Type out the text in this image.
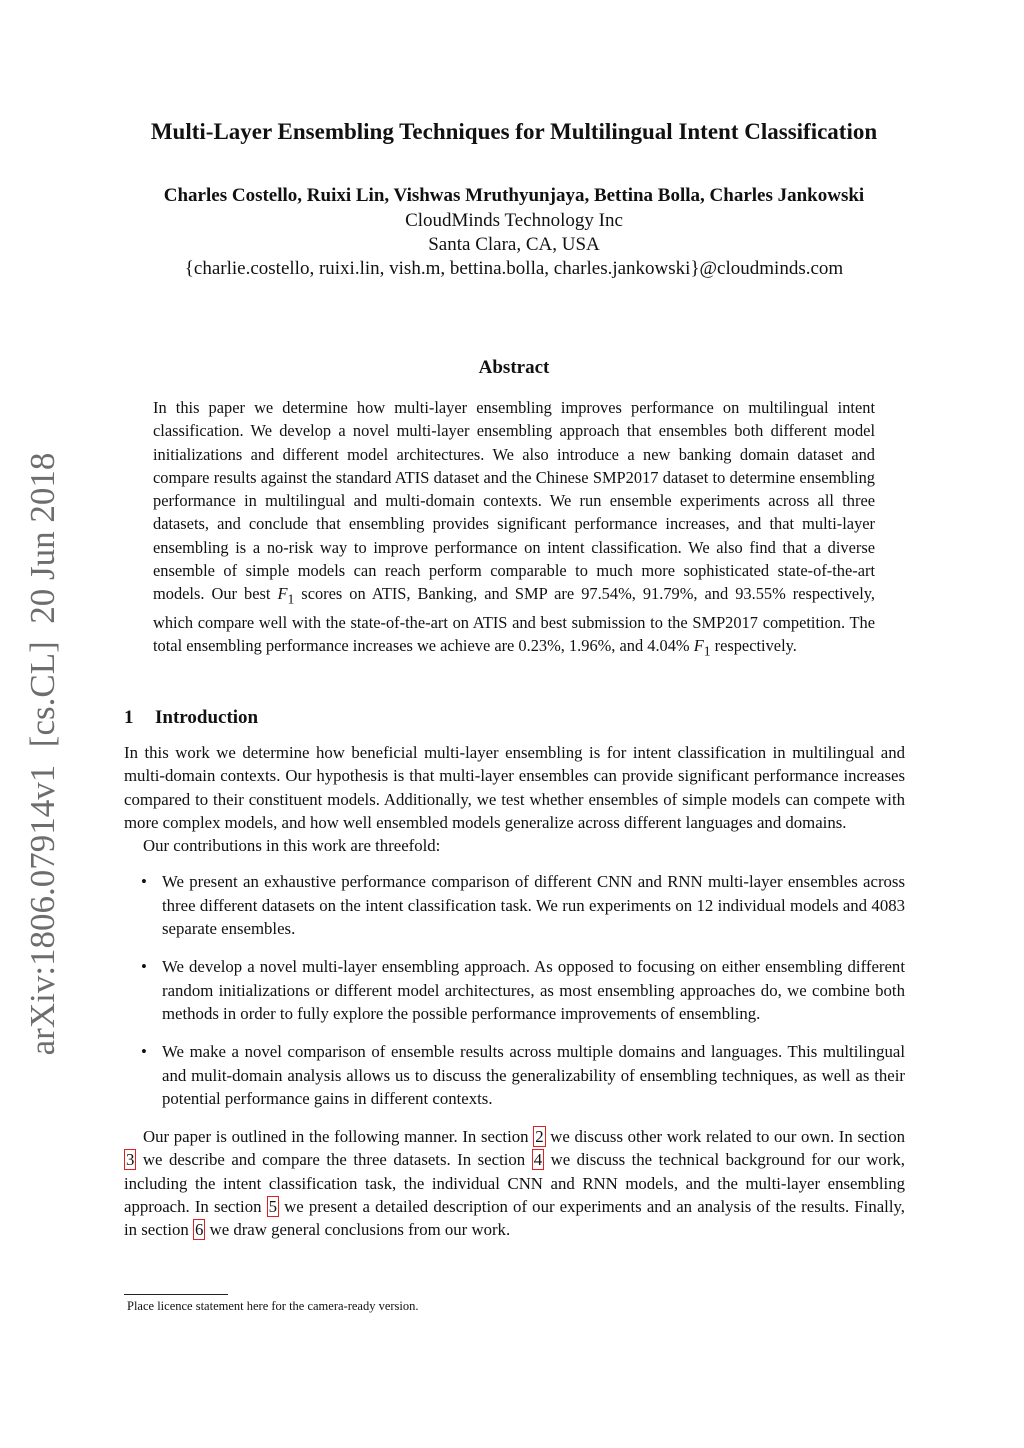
arXiv:1806.07914v1  [cs.CL]  20 Jun 2018
Multi-Layer Ensembling Techniques for Multilingual Intent Classification
Charles Costello, Ruixi Lin, Vishwas Mruthyunjaya, Bettina Bolla, Charles Jankowski
CloudMinds Technology Inc
Santa Clara, CA, USA
{charlie.costello, ruixi.lin, vish.m, bettina.bolla, charles.jankowski}@cloudminds.com
Abstract
In this paper we determine how multi-layer ensembling improves performance on multilingual intent classification. We develop a novel multi-layer ensembling approach that ensembles both different model initializations and different model architectures. We also introduce a new banking domain dataset and compare results against the standard ATIS dataset and the Chinese SMP2017 dataset to determine ensembling performance in multilingual and multi-domain contexts. We run ensemble experiments across all three datasets, and conclude that ensembling provides significant performance increases, and that multi-layer ensembling is a no-risk way to improve performance on intent classification. We also find that a diverse ensemble of simple models can reach perform comparable to much more sophisticated state-of-the-art models. Our best $F_1$ scores on ATIS, Banking, and SMP are 97.54%, 91.79%, and 93.55% respectively, which compare well with the state-of-the-art on ATIS and best submission to the SMP2017 competition. The total ensembling performance increases we achieve are 0.23%, 1.96%, and 4.04% $F_1$ respectively.
1 Introduction

In this work we determine how beneficial multi-layer ensembling is for intent classification in multilingual and multi-domain contexts. Our hypothesis is that multi-layer ensembles can provide significant performance increases compared to their constituent models. Additionally, we test whether ensembles of simple models can compete with more complex models, and how well ensembled models generalize across different languages and domains.

Our contributions in this work are threefold:

• We present an exhaustive performance comparison of different CNN and RNN multi-layer ensembles across three different datasets on the intent classification task. We run experiments on 12 individual models and 4083 separate ensembles.
• We develop a novel multi-layer ensembling approach. As opposed to focusing on either ensembling different random initializations or different model architectures, as most ensembling approaches do, we combine both methods in order to fully explore the possible performance improvements of ensembling.
• We make a novel comparison of ensemble results across multiple domains and languages. This multilingual and mulit-domain analysis allows us to discuss the generalizability of ensembling techniques, as well as their potential performance gains in different contexts.

Our paper is outlined in the following manner. In section 2 we discuss other work related to our own. In section 3 we describe and compare the three datasets. In section 4 we discuss the technical background for our work, including the intent classification task, the individual CNN and RNN models, and the multi-layer ensembling approach. In section 5 we present a detailed description of our experiments and an analysis of the results. Finally, in section 6 we draw general conclusions from our work.

Place licence statement here for the camera-ready version.
